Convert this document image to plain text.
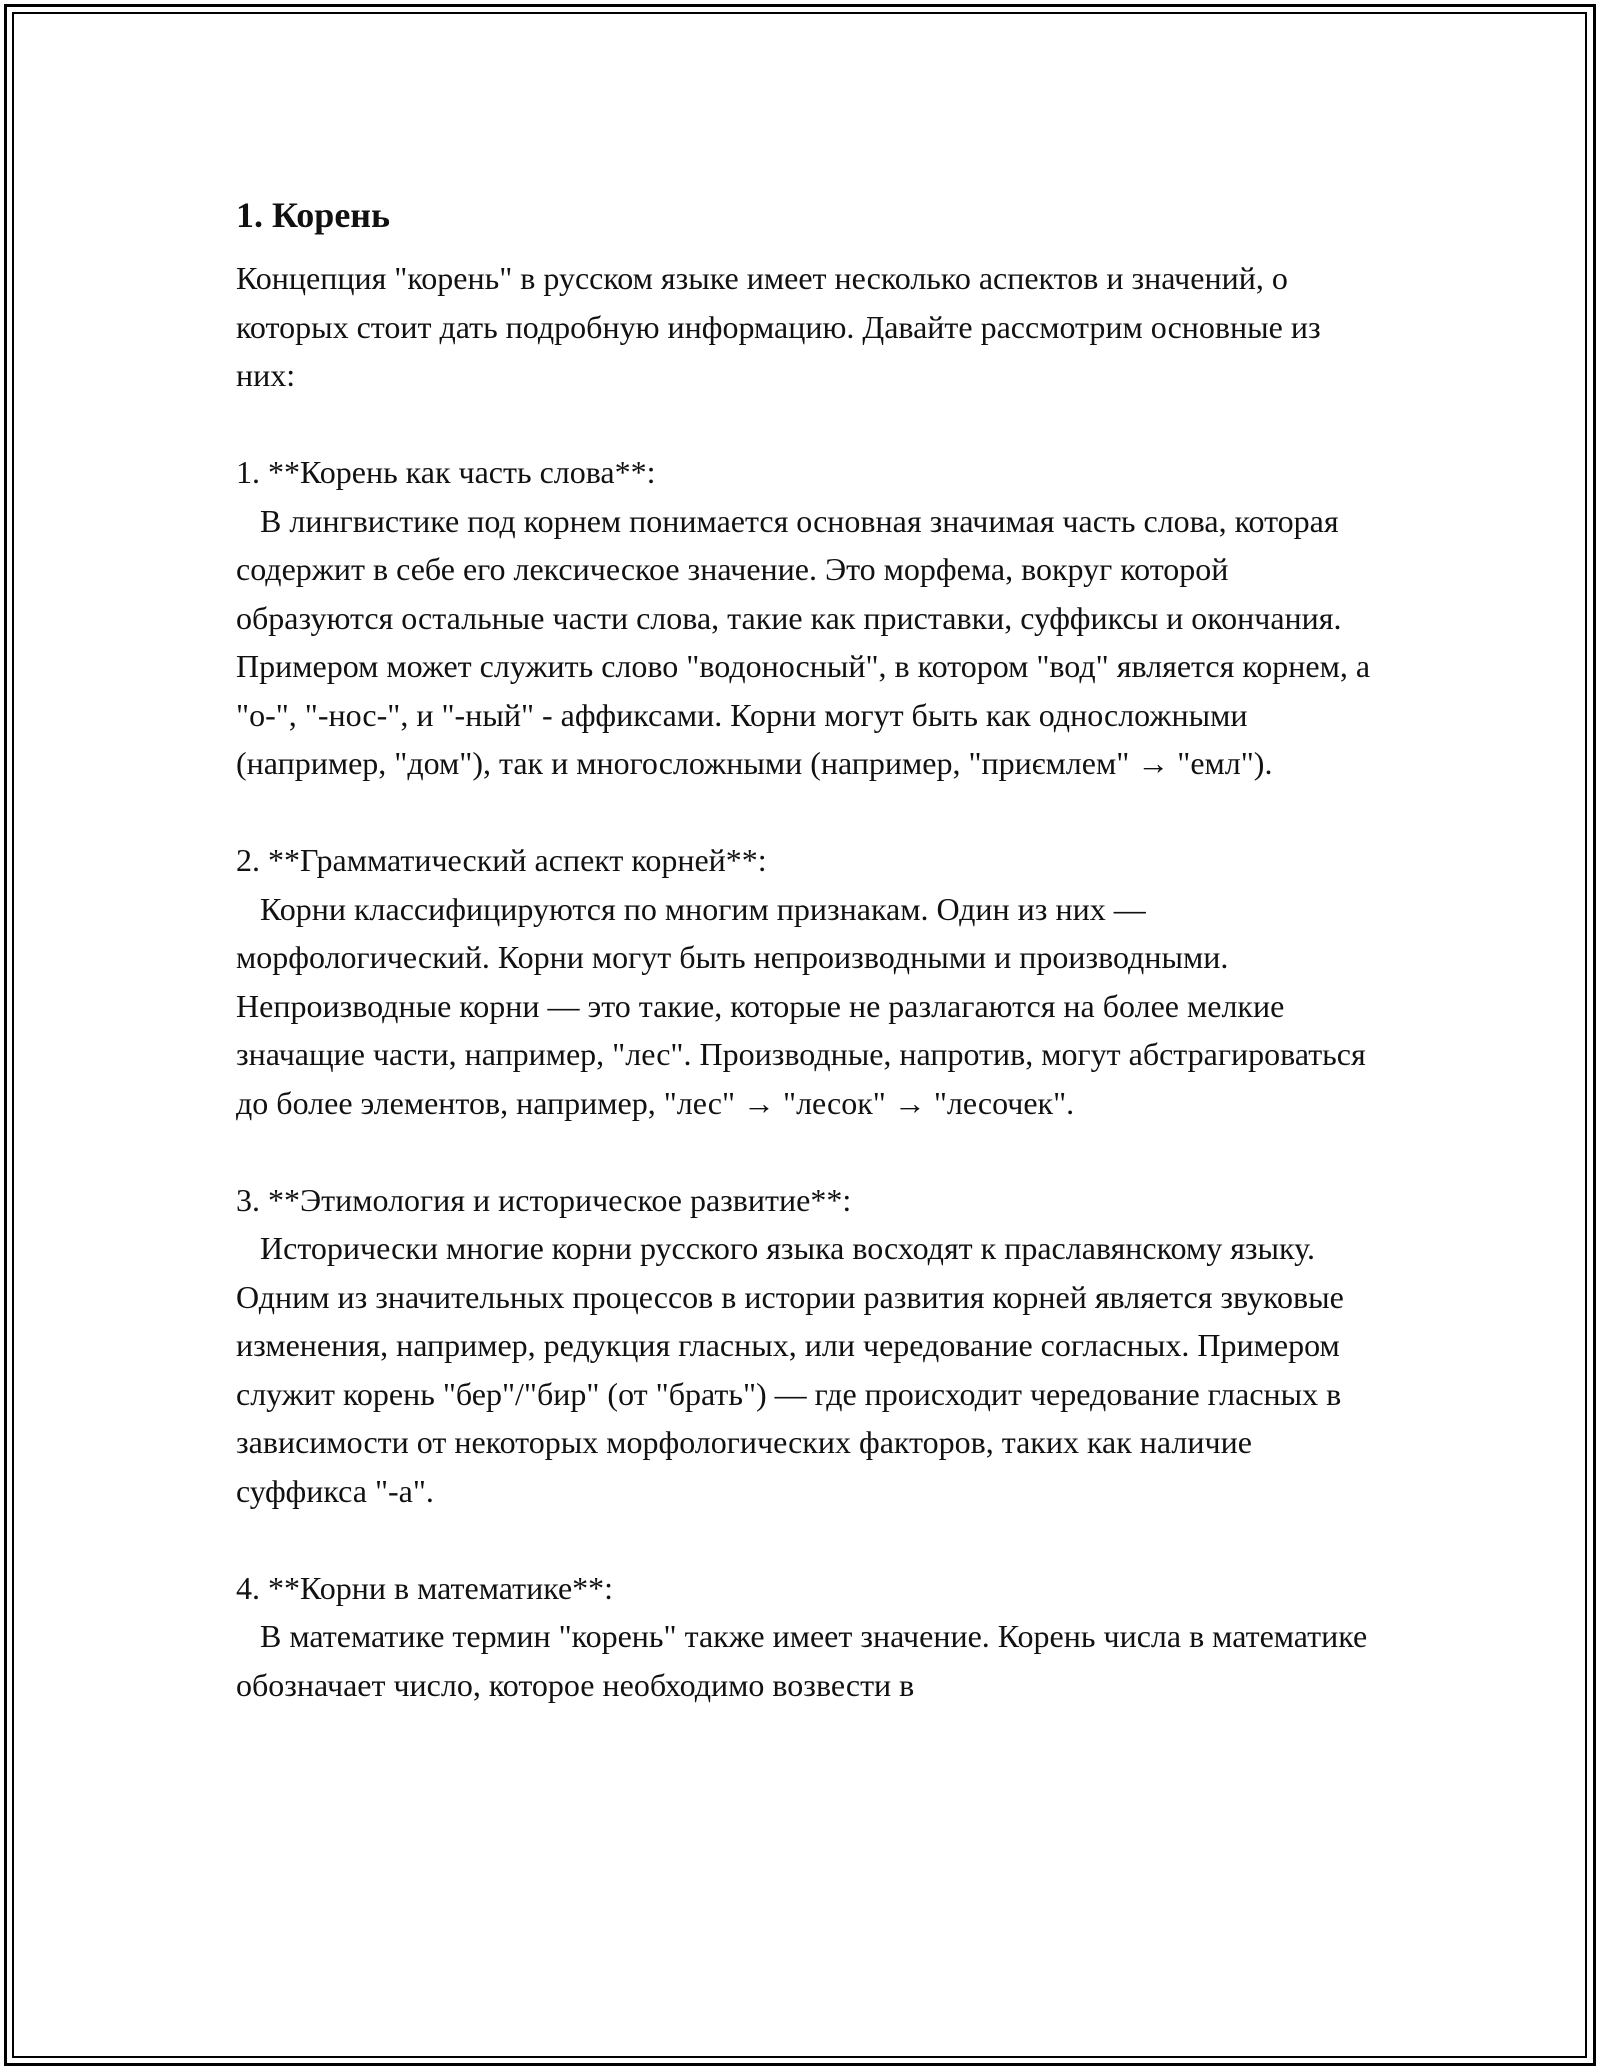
1. Корень

Концепция "корень" в русском языке имеет несколько аспектов и значений, о которых стоит дать подробную информацию. Давайте рассмотрим основные из них:

1. **Корень как часть слова**:
В лингвистике под корнем понимается основная значимая часть слова, которая содержит в себе его лексическое значение. Это морфема, вокруг которой образуются остальные части слова, такие как приставки, суффиксы и окончания. Примером может служить слово "водоносный", в котором "вод" является корнем, а "о-", "-нос-", и "-ный" - аффиксами. Корни могут быть как односложными (например, "дом"), так и многосложными (например, "приємлем" → "емл").

2. **Грамматический аспект корней**:
Корни классифицируются по многим признакам. Один из них — морфологический. Корни могут быть непроизводными и производными. Непроизводные корни — это такие, которые не разлагаются на более мелкие значащие части, например, "лес". Производные, напротив, могут абстрагироваться до более элементов, например, "лес" → "лесок" → "лесочек".

3. **Этимология и историческое развитие**:
Исторически многие корни русского языка восходят к праславянскому языку. Одним из значительных процессов в истории развития корней является звуковые изменения, например, редукция гласных, или чередование согласных. Примером служит корень "бер"/"бир" (от "брать") — где происходит чередование гласных в зависимости от некоторых морфологических факторов, таких как наличие суффикса "-а".

4. **Корни в математике**:
В математике термин "корень" также имеет значение. Корень числа в математике обозначает число, которое необходимо возвести в
